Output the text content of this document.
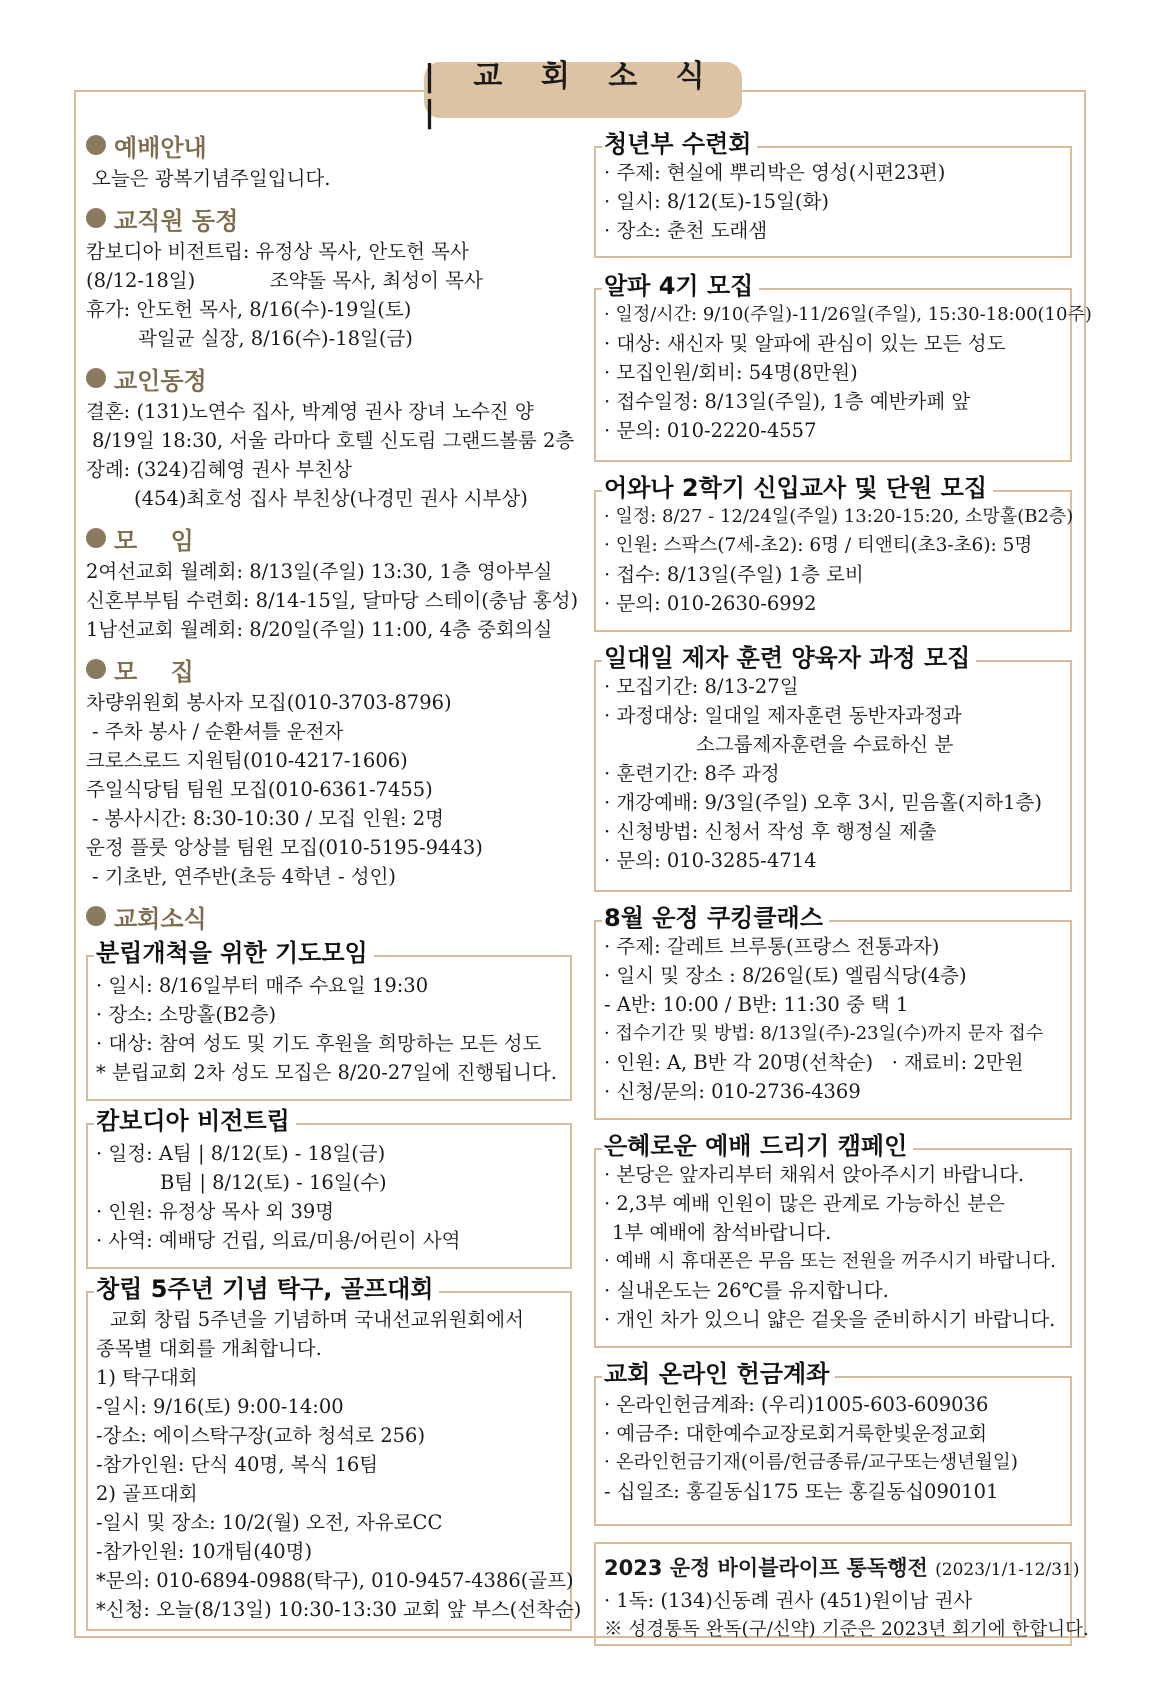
| 교 회 소 식 |
예배안내
오늘은 광복기념주일입니다.
교직원 동정
캄보디아 비전트립: 유정상 목사, 안도헌 목사
(8/12-18일)            조약돌 목사, 최성이 목사
휴가: 안도헌 목사, 8/16(수)-19일(토)
곽일균 실장, 8/16(수)-18일(금)
교인동정
결혼: (131)노연수 집사, 박계영 권사 장녀 노수진 양
8/19일 18:30, 서울 라마다 호텔 신도림 그랜드볼룸 2층
장례: (324)김혜영 권사 부친상
(454)최호성 집사 부친상(나경민 권사 시부상)
모    임
2여선교회 월례회: 8/13일(주일) 13:30, 1층 영아부실
신혼부부팀 수련회: 8/14-15일, 달마당 스테이(충남 홍성)
1남선교회 월례회: 8/20일(주일) 11:00, 4층 중회의실
모    집
차량위원회 봉사자 모집(010-3703-8796)
- 주차 봉사 / 순환셔틀 운전자
크로스로드 지원팀(010-4217-1606)
주일식당팀 팀원 모집(010-6361-7455)
- 봉사시간: 8:30-10:30 / 모집 인원: 2명
운정 플룻 앙상블 팀원 모집(010-5195-9443)
- 기초반, 연주반(초등 4학년 - 성인)
교회소식
분립개척을 위한 기도모임
· 일시: 8/16일부터 매주 수요일 19:30
· 장소: 소망홀(B2층)
· 대상: 참여 성도 및 기도 후원을 희망하는 모든 성도
* 분립교회 2차 성도 모집은 8/20-27일에 진행됩니다.
캄보디아 비전트립
· 일정: A팀 | 8/12(토) - 18일(금)
B팀 | 8/12(토) - 16일(수)
· 인원: 유정상 목사 외 39명
· 사역: 예배당 건립, 의료/미용/어린이 사역
창립 5주년 기념 탁구, 골프대회
교회 창립 5주년을 기념하며 국내선교위원회에서
종목별 대회를 개최합니다.
1) 탁구대회
-일시: 9/16(토) 9:00-14:00
-장소: 에이스탁구장(교하 청석로 256)
-참가인원: 단식 40명, 복식 16팀
2) 골프대회
-일시 및 장소: 10/2(월) 오전, 자유로CC
-참가인원: 10개팀(40명)
*문의: 010-6894-0988(탁구), 010-9457-4386(골프)
*신청: 오늘(8/13일) 10:30-13:30 교회 앞 부스(선착순)
청년부 수련회
· 주제: 현실에 뿌리박은 영성(시편23편)
· 일시: 8/12(토)-15일(화)
· 장소: 춘천 도래샘
알파 4기 모집
· 일정/시간: 9/10(주일)-11/26일(주일), 15:30-18:00(10주)
· 대상: 새신자 및 알파에 관심이 있는 모든 성도
· 모집인원/회비: 54명(8만원)
· 접수일정: 8/13일(주일), 1층 예반카페 앞
· 문의: 010-2220-4557
어와나 2학기 신입교사 및 단원 모집
· 일정: 8/27 - 12/24일(주일) 13:20-15:20, 소망홀(B2층)
· 인원: 스팍스(7세-초2): 6명 / 티앤티(초3-초6): 5명
· 접수: 8/13일(주일) 1층 로비
· 문의: 010-2630-6992
일대일 제자 훈련 양육자 과정 모집
· 모집기간: 8/13-27일
· 과정대상: 일대일 제자훈련 동반자과정과
소그룹제자훈련을 수료하신 분
· 훈련기간: 8주 과정
· 개강예배: 9/3일(주일) 오후 3시, 믿음홀(지하1층)
· 신청방법: 신청서 작성 후 행정실 제출
· 문의: 010-3285-4714
8월 운정 쿠킹클래스
· 주제: 갈레트 브루통(프랑스 전통과자)
· 일시 및 장소 : 8/26일(토) 엘림식당(4층)
- A반: 10:00 / B반: 11:30 중 택 1
· 접수기간 및 방법: 8/13일(주)-23일(수)까지 문자 접수
· 인원: A, B반 각 20명(선착순)   · 재료비: 2만원
· 신청/문의: 010-2736-4369
은혜로운 예배 드리기 캠페인
· 본당은 앞자리부터 채워서 앉아주시기 바랍니다.
· 2,3부 예배 인원이 많은 관계로 가능하신 분은
1부 예배에 참석바랍니다.
· 예배 시 휴대폰은 무음 또는 전원을 꺼주시기 바랍니다.
· 실내온도는 26℃를 유지합니다.
· 개인 차가 있으니 얇은 겉옷을 준비하시기 바랍니다.
교회 온라인 헌금계좌
· 온라인헌금계좌: (우리)1005-603-609036
· 예금주: 대한예수교장로회거룩한빛운정교회
· 온라인헌금기재(이름/헌금종류/교구또는생년월일)
- 십일조: 홍길동십175 또는 홍길동십090101
2023 운정 바이블라이프 통독행전 (2023/1/1-12/31)
· 1독: (134)신동례 권사 (451)원이남 권사
※ 성경통독 완독(구/신약) 기준은 2023년 회기에 한합니다.
